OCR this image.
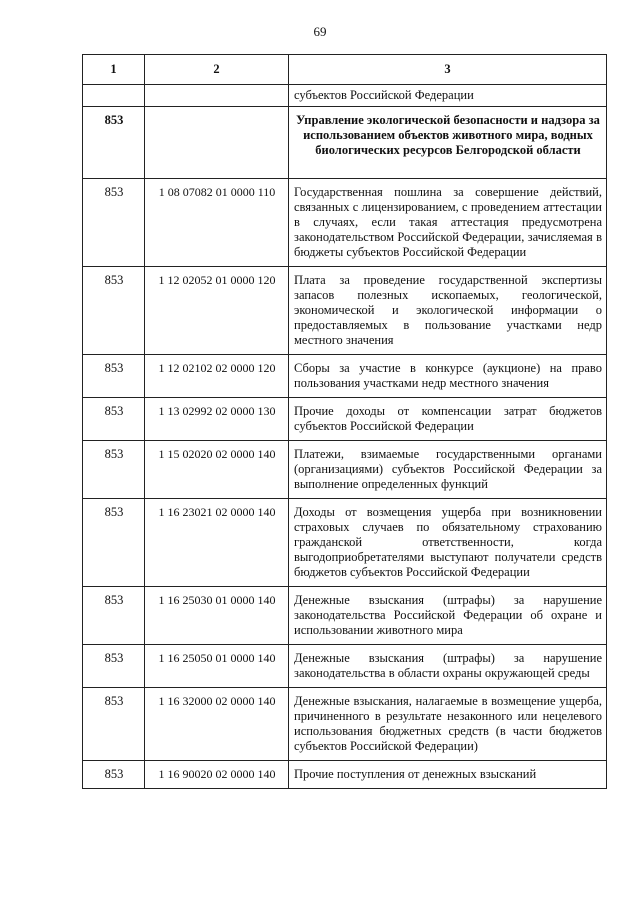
69
1	2	3
		субъектов Российской Федерации
853		Управление экологической безопасности и надзора за использованием объектов животного мира, водных биологических ресурсов Белгородской области
853	1 08 07082 01 0000 110	Государственная пошлина за совершение действий, связанных с лицензированием, с проведением аттестации в случаях, если такая аттестация предусмотрена законодательством Российской Федерации, зачисляемая в бюджеты субъектов Российской Федерации
853	1 12 02052 01 0000 120	Плата за проведение государственной экспертизы запасов полезных ископаемых, геологической, экономической и экологической информации о предоставляемых в пользование участками недр местного значения
853	1 12 02102 02 0000 120	Сборы за участие в конкурсе (аукционе) на право пользования участками недр местного значения
853	1 13 02992 02 0000 130	Прочие доходы от компенсации затрат бюджетов субъектов Российской Федерации
853	1 15 02020 02 0000 140	Платежи, взимаемые государственными органами (организациями) субъектов Российской Федерации за выполнение определенных функций
853	1 16 23021 02 0000 140	Доходы от возмещения ущерба при возникновении страховых случаев по обязательному страхованию гражданской ответственности, когда выгодоприобретателями выступают получатели средств бюджетов субъектов Российской Федерации
853	1 16 25030 01 0000 140	Денежные взыскания (штрафы) за нарушение законодательства Российской Федерации об охране и использовании животного мира
853	1 16 25050 01 0000 140	Денежные взыскания (штрафы) за нарушение законодательства в области охраны окружающей среды
853	1 16 32000 02 0000 140	Денежные взыскания, налагаемые в возмещение ущерба, причиненного в результате незаконного или нецелевого использования бюджетных средств (в части бюджетов субъектов Российской Федерации)
853	1 16 90020 02 0000 140	Прочие поступления от денежных взысканий
